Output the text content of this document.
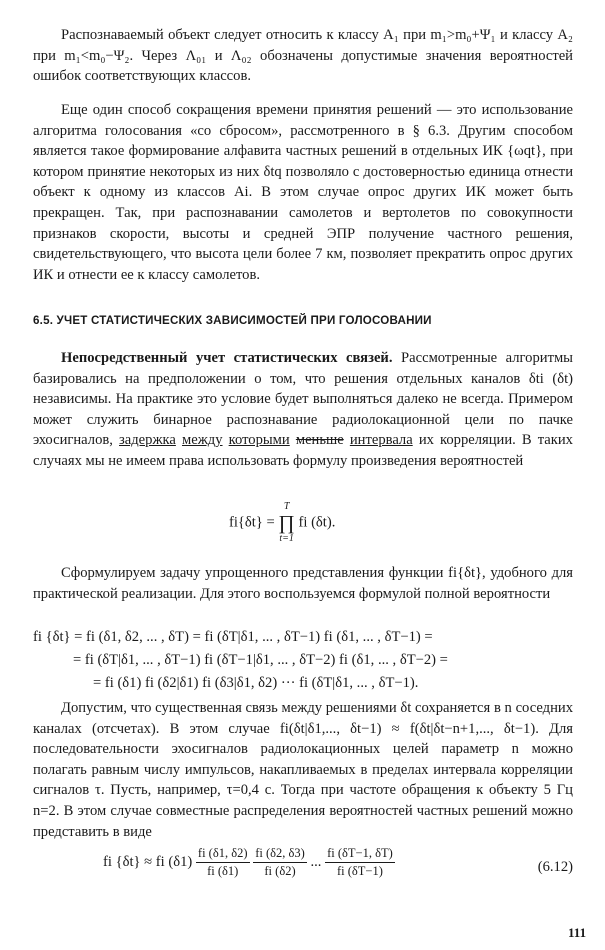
Распознаваемый объект следует относить к классу A₁ при m₁>m₀+Ψ₁ и классу A₂ при m₁<m₀−Ψ₂. Через Λ₀₁ и Λ₀₂ обозначены допустимые значения вероятностей ошибок соответствующих классов.

Еще один способ сокращения времени принятия решений — это использование алгоритма голосования «со сбросом», рассмотренного в § 6.3. Другим способом является такое формирование алфавита частных решений в отдельных ИК {ωqt}, при котором принятие некоторых из них δtq позволяло с достоверностью единица отнести объект к одному из классов Ai. В этом случае опрос других ИК может быть прекращен. Так, при распознавании самолетов и вертолетов по совокупности признаков скорости, высоты и средней ЭПР получение частного решения, свидетельствующего, что высота цели более 7 км, позволяет прекратить опрос других ИК и отнести ее к классу самолетов.

6.5. УЧЕТ СТАТИСТИЧЕСКИХ ЗАВИСИМОСТЕЙ ПРИ ГОЛОСОВАНИИ

Непосредственный учет статистических связей. Рассмотренные алгоритмы базировались на предположении о том, что решения отдельных каналов δti (δt) независимы. На практике это условие будет выполняться далеко не всегда. Примером может служить бинарное распознавание радиолокационной цели по пачке эхосигналов, задержка между которыми меньше интервала их корреляции. В таких случаях мы не имеем права использовать формулу произведения вероятностей

fi{δt} =
T
∏
t=1
fi (δt).

Сформулируем задачу упрощенного представления функции fi{δt}, удобного для практической реализации. Для этого воспользуемся формулой полной вероятности

fi {δt} = fi (δ1, δ2, ... , δT) = fi (δT|δ1, ... , δT−1) fi (δ1, ... , δT−1) =
= fi (δT|δ1, ... , δT−1) fi (δT−1|δ1, ... , δT−2) fi (δ1, ... , δT−2) =
= fi (δ1) fi (δ2|δ1) fi (δ3|δ1, δ2) ··· fi (δT|δ1, ... , δT−1).

Допустим, что существенная связь между решениями δt сохраняется в n соседних каналах (отсчетах). В этом случае fi(δt|δ1,..., δt−1) ≈ f(δt|δt−n+1,..., δt−1). Для последовательности эхосигналов радиолокационных целей параметр n можно полагать равным числу импульсов, накапливаемых в пределах интервала корреляции сигналов τ. Пусть, например, τ=0,4 с. Тогда при частоте обращения к объекту 5 Гц n=2. В этом случае совместные распределения вероятностей частных решений можно представить в виде

fi {δt} ≈ fi $(\delta 1) \frac{fi (\delta 1, \delta 2)}{fi (\delta 1)}$
$\frac{fi (\delta 2, \delta 3)}{fi (\delta 2)}$ ... $\frac{fi (\delta T-1, \delta T)}{fi (\delta T-1)}$	(6.12)
111
